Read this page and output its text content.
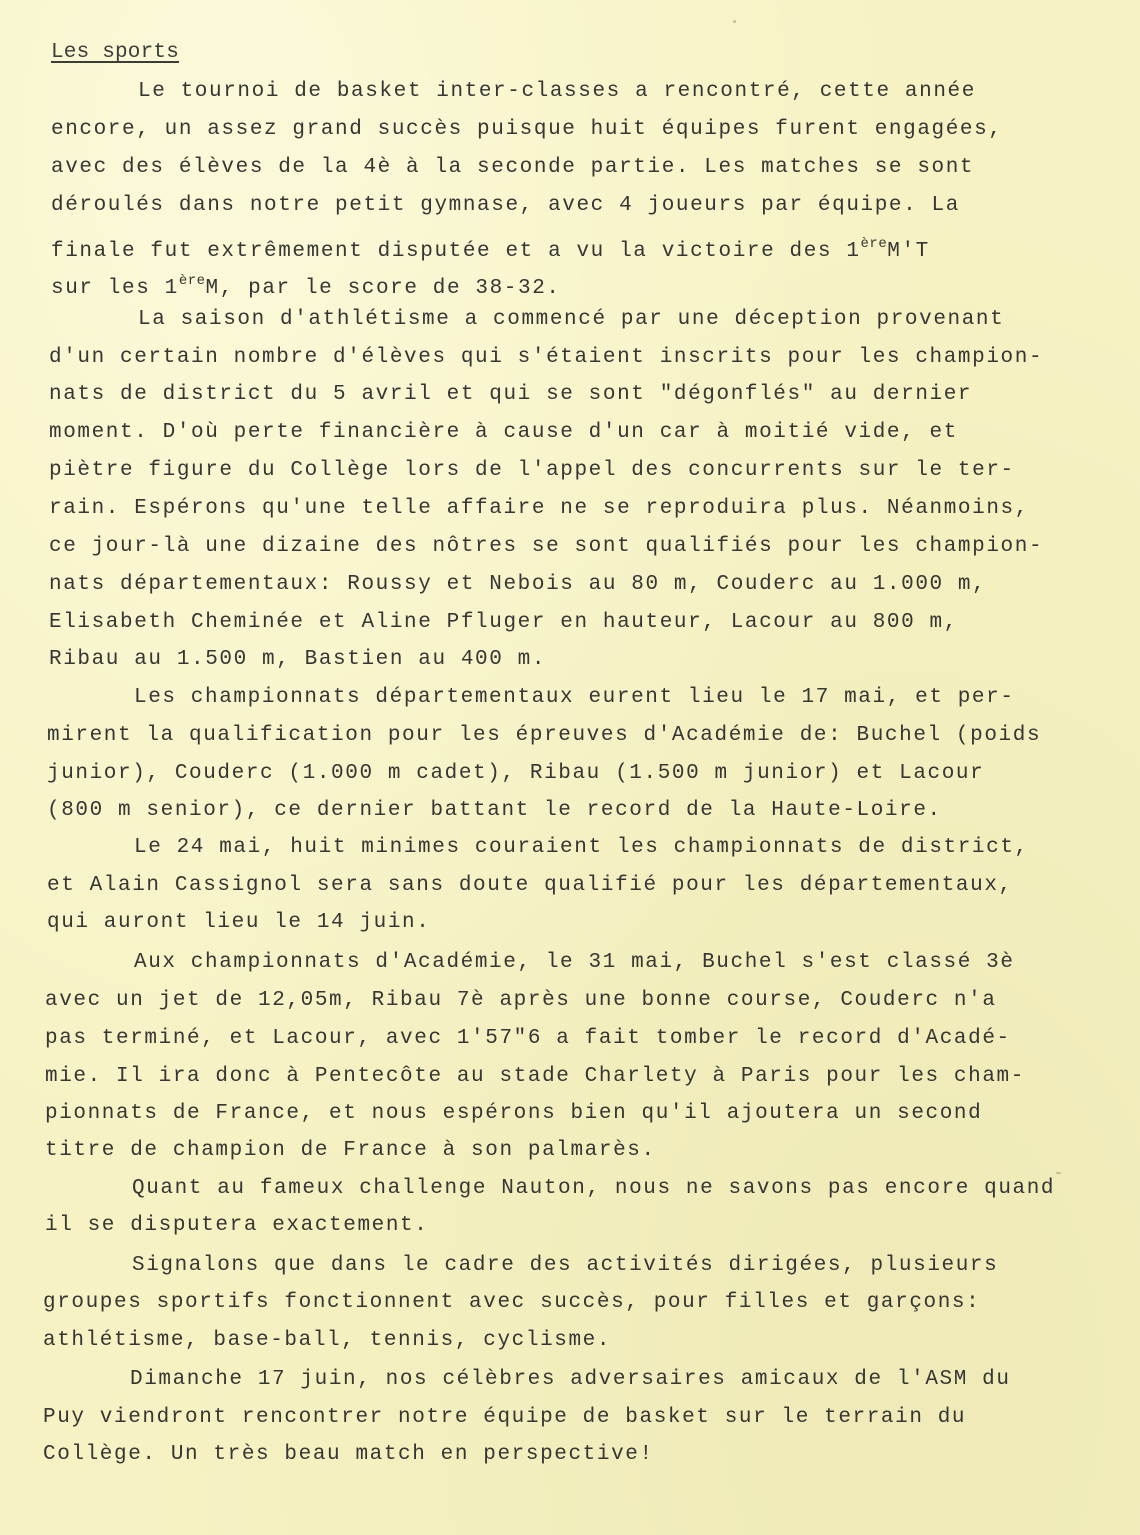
Les sports
Le tournoi de basket inter-classes a rencontré, cette année
encore, un assez grand succès puisque huit équipes furent engagées,
avec des élèves de la 4è à la seconde partie. Les matches se sont
déroulés dans notre petit gymnase, avec 4 joueurs par équipe. La
finale fut extrêmement disputée et a vu la victoire des 1èreM'T
sur les 1èreM, par le score de 38-32.
La saison d'athlétisme a commencé par une déception provenant
d'un certain nombre d'élèves qui s'étaient inscrits pour les champion-
nats de district du 5 avril et qui se sont "dégonflés" au dernier
moment. D'où perte financière à cause d'un car à moitié vide, et
piètre figure du Collège lors de l'appel des concurrents sur le ter-
rain. Espérons qu'une telle affaire ne se reproduira plus. Néanmoins,
ce jour-là une dizaine des nôtres se sont qualifiés pour les champion-
nats départementaux: Roussy et Nebois au 80 m, Couderc au 1.000 m,
Elisabeth Cheminée et Aline Pfluger en hauteur, Lacour au 800 m,
Ribau au 1.500 m, Bastien au 400 m.
Les championnats départementaux eurent lieu le 17 mai, et per-
mirent la qualification pour les épreuves d'Académie de: Buchel (poids
junior), Couderc (1.000 m cadet), Ribau (1.500 m junior) et Lacour
(800 m senior), ce dernier battant le record de la Haute-Loire.
Le 24 mai, huit minimes couraient les championnats de district,
et Alain Cassignol sera sans doute qualifié pour les départementaux,
qui auront lieu le 14 juin.
Aux championnats d'Académie, le 31 mai, Buchel s'est classé 3è
avec un jet de 12,05m, Ribau 7è après une bonne course, Couderc n'a
pas terminé, et Lacour, avec 1'57"6 a fait tomber le record d'Acadé-
mie. Il ira donc à Pentecôte au stade Charlety à Paris pour les cham-
pionnats de France, et nous espérons bien qu'il ajoutera un second
titre de champion de France à son palmarès.
Quant au fameux challenge Nauton, nous ne savons pas encore quand
il se disputera exactement.
Signalons que dans le cadre des activités dirigées, plusieurs
groupes sportifs fonctionnent avec succès, pour filles et garçons:
athlétisme, base-ball, tennis, cyclisme.
Dimanche 17 juin, nos célèbres adversaires amicaux de l'ASM du
Puy viendront rencontrer notre équipe de basket sur le terrain du
Collège. Un très beau match en perspective!
